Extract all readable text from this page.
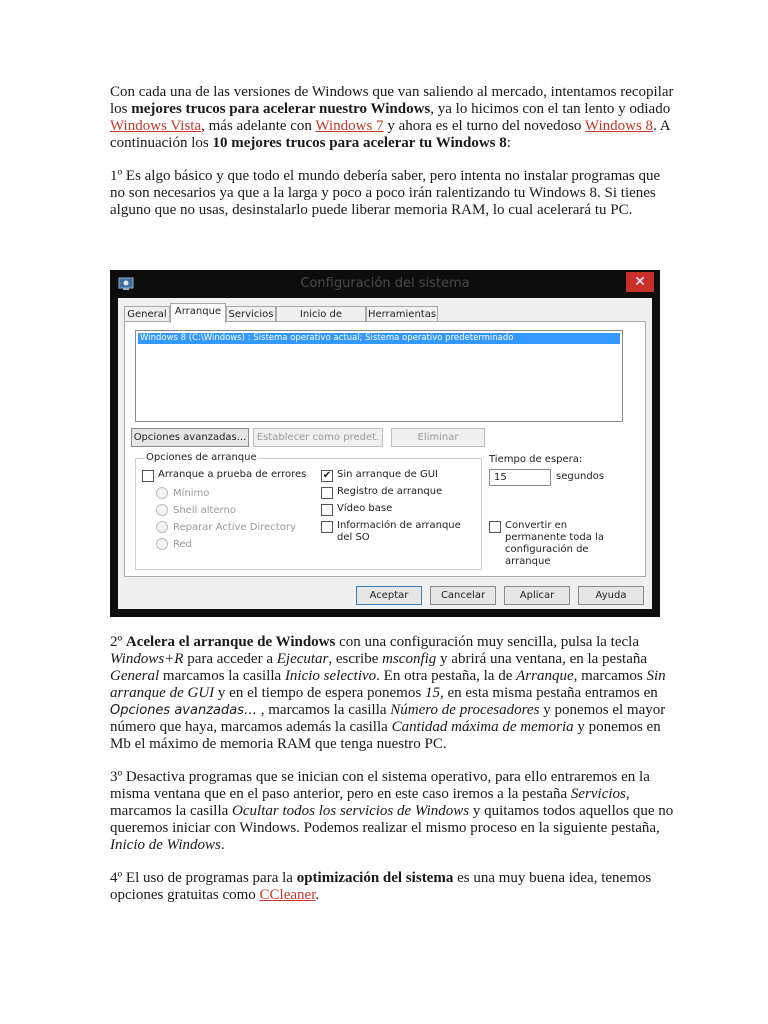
Con cada una de las versiones de Windows que van saliendo al mercado, intentamos recopilar los mejores trucos para acelerar nuestro Windows, ya lo hicimos con el tan lento y odiado Windows Vista, más adelante con Windows 7 y ahora es el turno del novedoso Windows 8. A continuación los 10 mejores trucos para acelerar tu Windows 8:

1º Es algo básico y que todo el mundo debería saber, pero intenta no instalar programas que no son necesarios ya que a la larga y poco a poco irán ralentizando tu Windows 8. Si tienes alguno que no usas, desinstalarlo puede liberar memoria RAM, lo cual acelerará tu PC.

Configuración del sistema	✕
General Arranque Servicios	Inicio de	Herramientas
Windows 8 (C:\Windows) : Sistema operativo actual; Sistema operativo predeterminado
Opciones avanzadas...	Establecer como predet.	Eliminar
Opciones de arranque
Arranque a prueba de errores
Mínimo
Shell alterno
Reparar Active Directory
Red
✔ Sin arranque de GUI
Registro de arranque
Vídeo base
Información de arranque del SO
Tiempo de espera:
15	segundos
Convertir en permanente toda la configuración de arranque
Aceptar	Cancelar	Aplicar	Ayuda

2º Acelera el arranque de Windows con una configuración muy sencilla, pulsa la tecla Windows+R para acceder a Ejecutar, escribe msconfig y abrirá una ventana, en la pestaña General marcamos la casilla Inicio selectivo. En otra pestaña, la de Arranque, marcamos Sin arranque de GUI y en el tiempo de espera ponemos 15, en esta misma pestaña entramos en Opciones avanzadas… , marcamos la casilla Número de procesadores y ponemos el mayor número que haya, marcamos además la casilla Cantidad máxima de memoria y ponemos en Mb el máximo de memoria RAM que tenga nuestro PC.

3º Desactiva programas que se inician con el sistema operativo, para ello entraremos en la misma ventana que en el paso anterior, pero en este caso iremos a la pestaña Servicios, marcamos la casilla Ocultar todos los servicios de Windows y quitamos todos aquellos que no queremos iniciar con Windows. Podemos realizar el mismo proceso en la siguiente pestaña, Inicio de Windows.

4º El uso de programas para la optimización del sistema es una muy buena idea, tenemos opciones gratuitas como CCleaner.
